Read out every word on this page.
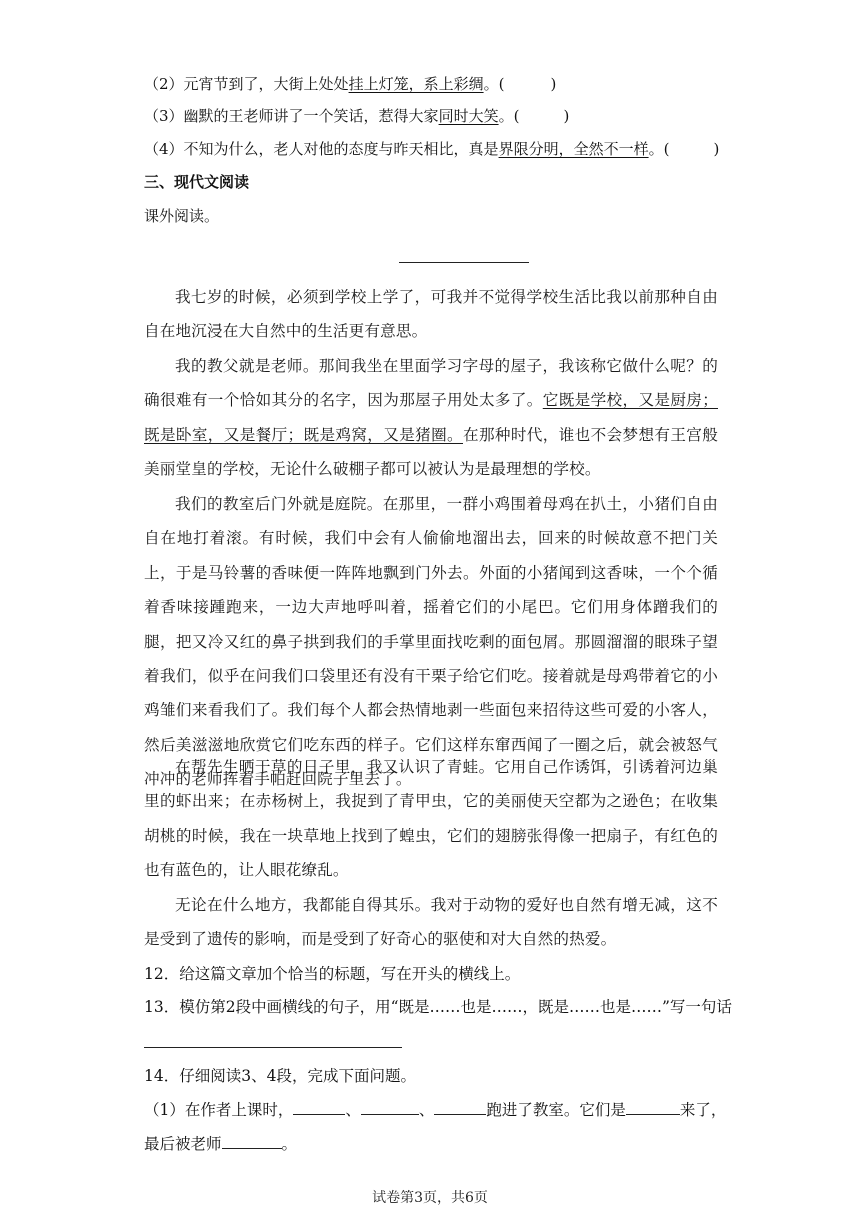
（2）元宵节到了，大街上处处挂上灯笼，系上彩绸。(	)
（3）幽默的王老师讲了一个笑话，惹得大家同时大笑。(	)
（4）不知为什么，老人对他的态度与昨天相比，真是界限分明，全然不一样。(	)
三、现代文阅读
课外阅读。
我七岁的时候，必须到学校上学了，可我并不觉得学校生活比我以前那种自由自在地沉浸在大自然中的生活更有意思。
我的教父就是老师。那间我坐在里面学习字母的屋子，我该称它做什么呢？的确很难有一个恰如其分的名字，因为那屋子用处太多了。它既是学校，又是厨房；既是卧室，又是餐厅；既是鸡窝，又是猪圈。在那种时代，谁也不会梦想有王宫般美丽堂皇的学校，无论什么破棚子都可以被认为是最理想的学校。
我们的教室后门外就是庭院。在那里，一群小鸡围着母鸡在扒土，小猪们自由自在地打着滚。有时候，我们中会有人偷偷地溜出去，回来的时候故意不把门关上，于是马铃薯的香味便一阵阵地飘到门外去。外面的小猪闻到这香味，一个个循着香味接踵跑来，一边大声地呼叫着，摇着它们的小尾巴。它们用身体蹭我们的腿，把又冷又红的鼻子拱到我们的手掌里面找吃剩的面包屑。那圆溜溜的眼珠子望着我们，似乎在问我们口袋里还有没有干栗子给它们吃。接着就是母鸡带着它的小鸡雏们来看我们了。我们每个人都会热情地剥一些面包来招待这些可爱的小客人，然后美滋滋地欣赏它们吃东西的样子。它们这样东窜西闻了一圈之后，就会被怒气冲冲的老师挥着手帕赶回院子里去了。
在帮先生晒干草的日子里，我又认识了青蛙。它用自己作诱饵，引诱着河边巢里的虾出来；在赤杨树上，我捉到了青甲虫，它的美丽使天空都为之逊色；在收集胡桃的时候，我在一块草地上找到了蝗虫，它们的翅膀张得像一把扇子，有红色的也有蓝色的，让人眼花缭乱。
无论在什么地方，我都能自得其乐。我对于动物的爱好也自然有增无减，这不是受到了遗传的影响，而是受到了好奇心的驱使和对大自然的热爱。
12．给这篇文章加个恰当的标题，写在开头的横线上。
13．模仿第2段中画横线的句子，用“既是……也是……，既是……也是……”写一句话
14．仔细阅读3、4段，完成下面问题。
（1）在作者上课时，	、	、	跑进了教室。它们是	来了，
最后被老师	。
试卷第3页，共6页
